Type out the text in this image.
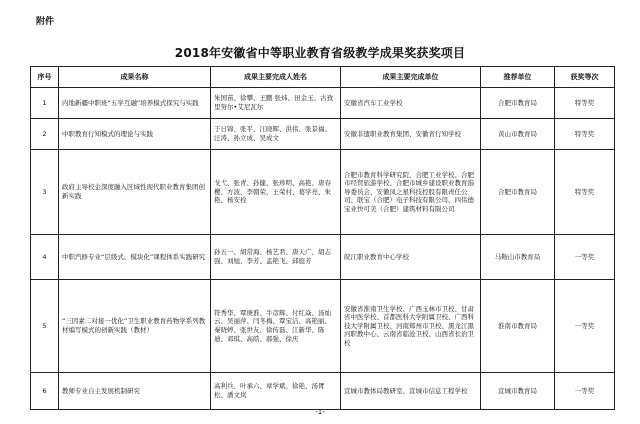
附件
2018年安徽省中等职业教育省级教学成果奖获奖项目
序号	成果名称	成果主要完成人姓名	成果主要完成单位	推荐单位	获奖等次
1	内地新疆中职班“五学互融”培养模式探究与实践	朱国苗、徐攀、王鹏 张炜、田金玉、古孜里努尔•艾尼瓦尔	安徽省汽车工业学校	合肥市教育局	特等奖
2	中职教育行知模式的理论与实践	于日锦、张平、江晓晖、洪伟、张景福、汪涛、孙立成、吴成文	安徽非遗职业教育集团、安徽省行知学校	黄山市教育局	特等奖
3	政府主导校企深度融入区域性现代职业教育集团创新实践	戈弋、张青、孙健、张珍明、高艳、唐春樱、方波、李朝荣、王荣村、葛学亮、朱艳、杨安栓	合肥市教育科学研究院、合肥工业学校、合肥市经贸旅游学校、合肥市城乡建设职业教育指导委员会、安徽凤之星科技控股有限责任公司、联宝（合肥）电子科技有限公司、四伟德宝业快可美（合肥）建筑材料有限公司	合肥市教育局	特等奖
4	中职汽修专业“层级式、模块化”课程体系实践研究	孙五一、胡常海、杨艺君、唐天广、胡志强、刘旭、李芳、孟艳飞、邱庭芳	皖江职业教育中心学校	马鞍山市教育局	一等奖
5	“三因素二对接一优化”卫生职业教育药物学系列教材编写模式的创新实践（教材）	符秀华、覃庚淮、牛彦辉、付红焱、汤灿云、吴丽萍、闫冬梅、覃宝洁、高艳丽、秦晓婷、张世友、徐传磊、江新华、陈迪、邓琪、高皓、郝强、徐庆	安徽省淮南卫生学校、广西玉林市卫校、甘肃省中医学校、首都医科大学附属卫校、广西科技大学附属卫校、河南郑州市卫校、黑龙江黑河职教中心、云南省临沧卫校、山西省长治卫校	淮南市教育局	一等奖
6	教师专业自主发展机制研究	高利兵、叶承六、章学斌、徐艳、汤胥松、潘文岚	宣城市教体局教研室、宣城市信息工程学校	宣城市教育局	一等奖
-1-
